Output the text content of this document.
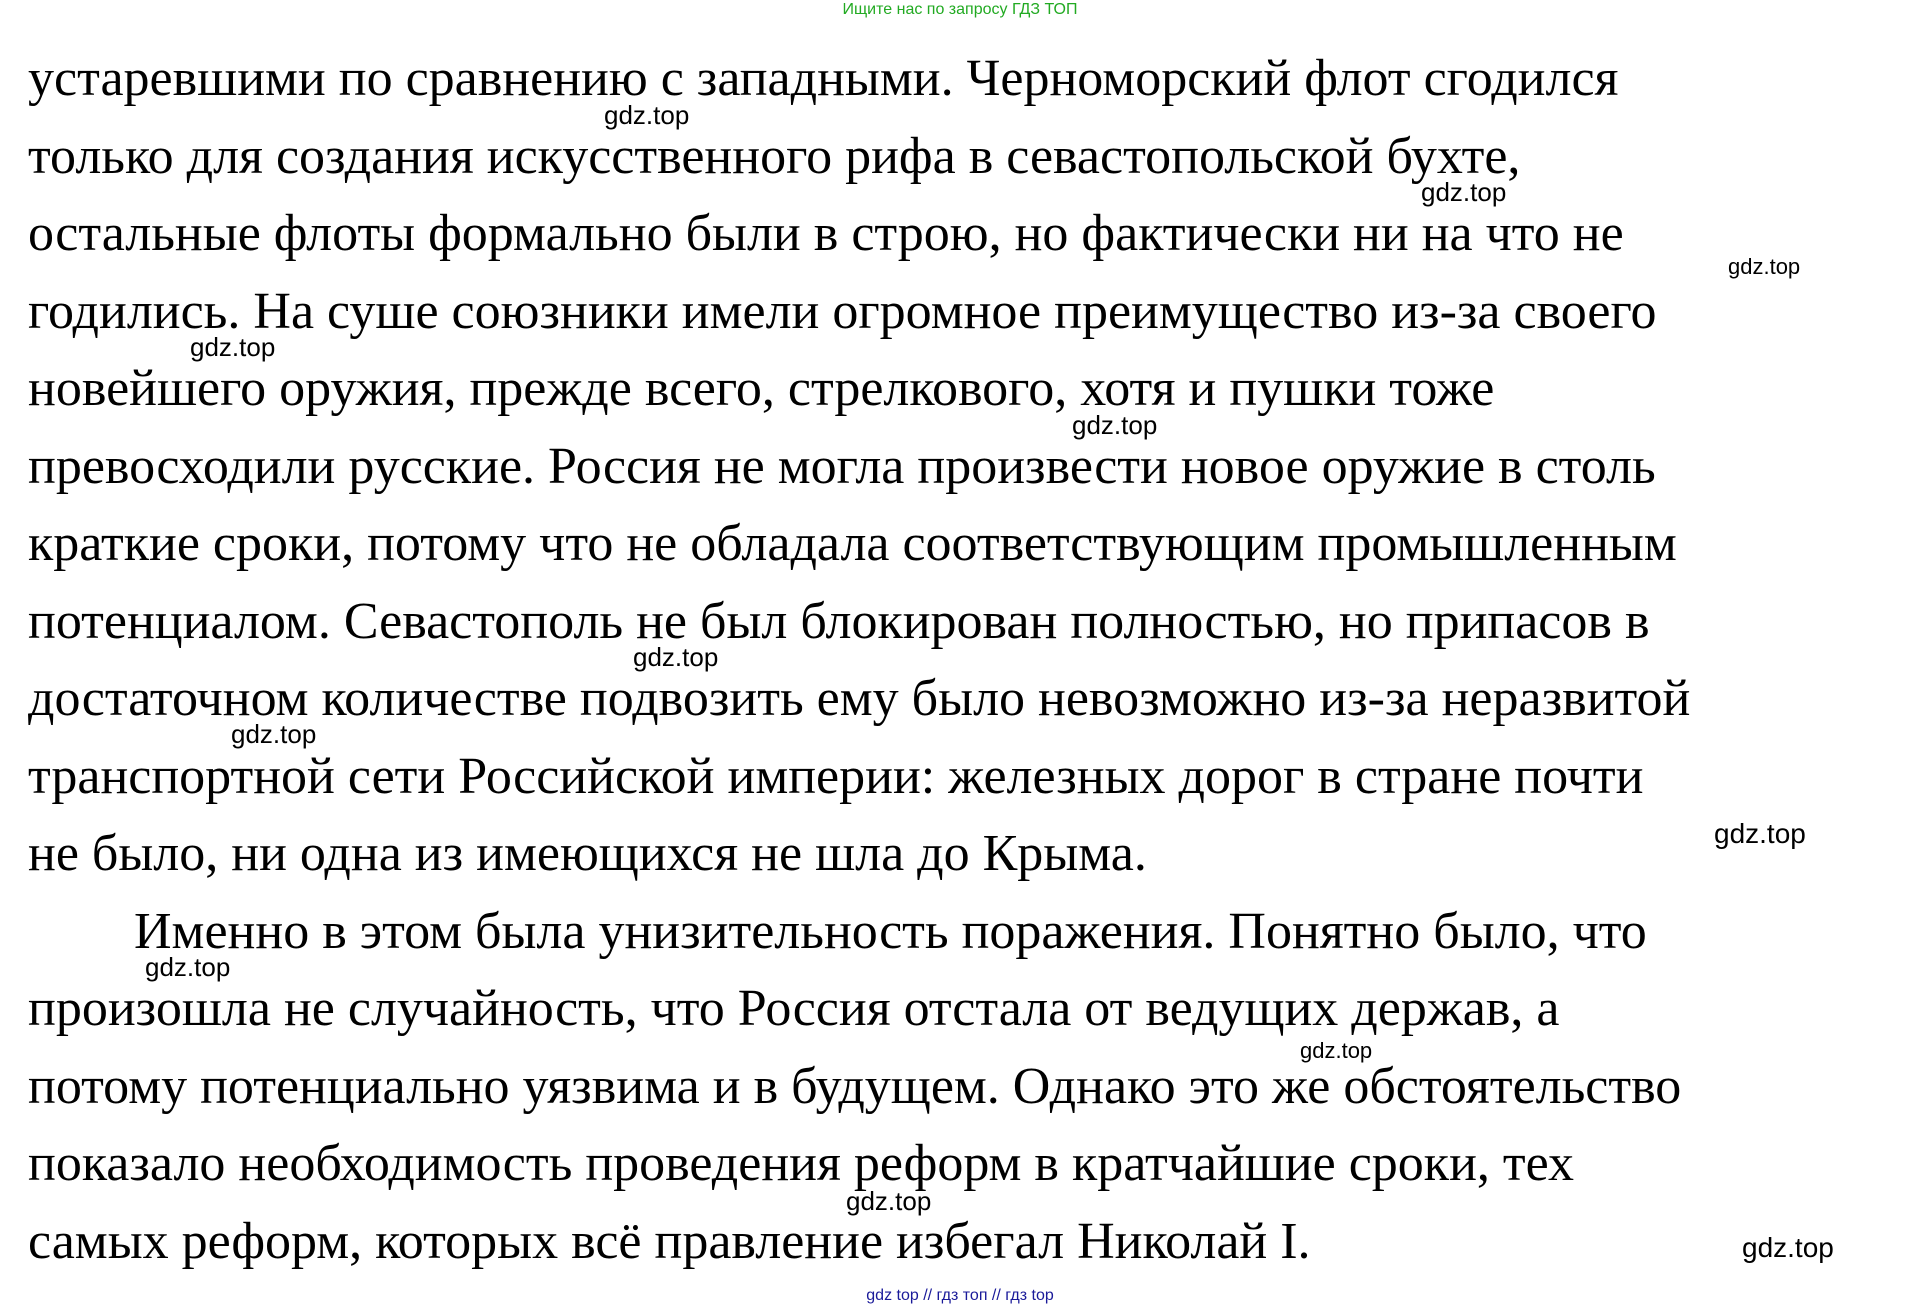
Ищите нас по запросу ГДЗ ТОП
устаревшими по сравнению с западными. Черноморский флот сгодился
только для создания искусственного рифа в севастопольской бухте,
остальные флоты формально были в строю, но фактически ни на что не
годились. На суше союзники имели огромное преимущество из-за своего
новейшего оружия, прежде всего, стрелкового, хотя и пушки тоже
превосходили русские. Россия не могла произвести новое оружие в столь
краткие сроки, потому что не обладала соответствующим промышленным
потенциалом. Севастополь не был блокирован полностью, но припасов в
достаточном количестве подвозить ему было невозможно из-за неразвитой
транспортной сети Российской империи: железных дорог в стране почти
не было, ни одна из имеющихся не шла до Крыма.
Именно в этом была унизительность поражения. Понятно было, что
произошла не случайность, что Россия отстала от ведущих держав, а
потому потенциально уязвима и в будущем. Однако это же обстоятельство
показало необходимость проведения реформ в кратчайшие сроки, тех
самых реформ, которых всё правление избегал Николай I.
gdz.top
gdz.top
gdz.top
gdz.top
gdz.top
gdz.top
gdz.top
gdz.top
gdz.top
gdz.top
gdz.top
gdz.top
gdz top // гдз топ // гдз top
